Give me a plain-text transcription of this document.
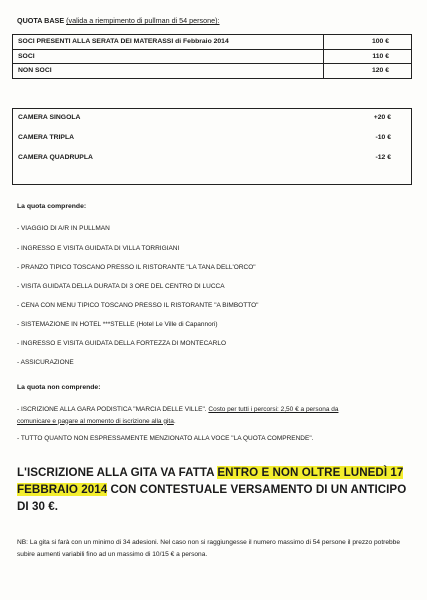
QUOTA BASE (valida a riempimento di pullman di 54 persone):
SOCI PRESENTI ALLA SERATA DEI MATERASSI di Febbraio 2014	100 €
SOCI	110 €
NON SOCI	120 €
CAMERA SINGOLA	+20 €
CAMERA TRIPLA	-10 €
CAMERA QUADRUPLA	-12 €
La quota comprende:
- VIAGGIO DI A/R IN PULLMAN
- INGRESSO E VISITA GUIDATA DI VILLA TORRIGIANI
- PRANZO TIPICO TOSCANO PRESSO IL RISTORANTE "LA TANA DELL'ORCO"
- VISITA GUIDATA DELLA DURATA DI 3 ORE DEL CENTRO DI LUCCA
- CENA CON MENU TIPICO TOSCANO PRESSO IL RISTORANTE "A BIMBOTTO"
- SISTEMAZIONE IN HOTEL ***STELLE (Hotel Le Ville di Capannori)
- INGRESSO E VISITA GUIDATA DELLA FORTEZZA DI MONTECARLO
- ASSICURAZIONE
La quota non comprende:
- ISCRIZIONE ALLA GARA PODISTICA "MARCIA DELLE VILLE". Costo per tutti i percorsi: 2,50 € a persona da
comunicare e pagare al momento di iscrizione alla gita.
- TUTTO QUANTO NON ESPRESSAMENTE MENZIONATO ALLA VOCE "LA QUOTA COMPRENDE".
L'ISCRIZIONE ALLA GITA VA FATTA ENTRO E NON OLTRE LUNEDÌ 17
FEBBRAIO 2014 CON CONTESTUALE VERSAMENTO DI UN ANTICIPO DI 30 €.
NB: La gita si farà con un minimo di 34 adesioni. Nel caso non si raggiungesse il numero massimo di 54 persone il prezzo potrebbe subire aumenti variabili fino ad un massimo di 10/15 € a persona.
